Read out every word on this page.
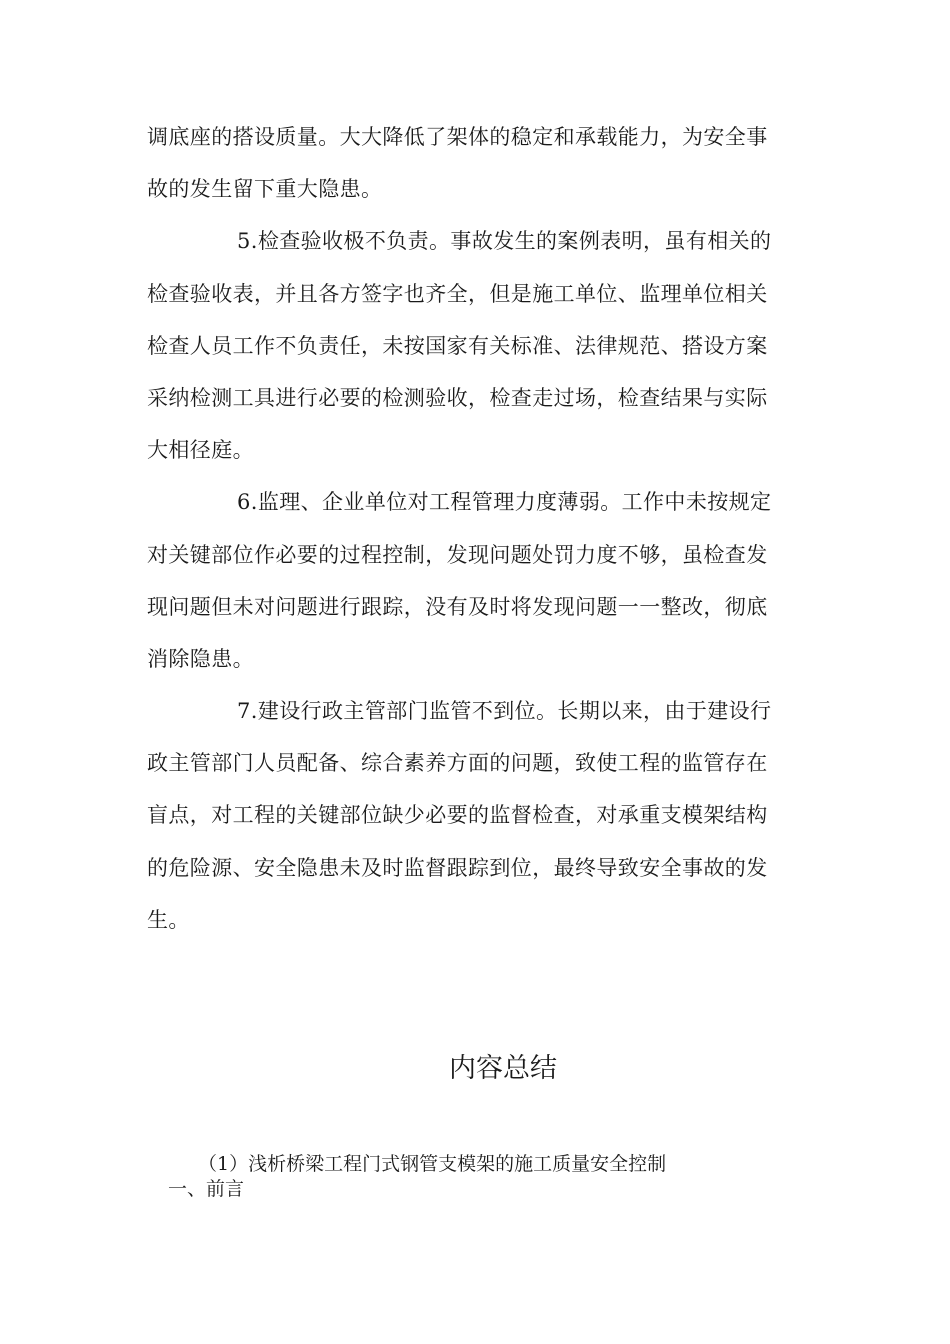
调底座的搭设质量。大大降低了架体的稳定和承载能力，为安全事
故的发生留下重大隐患。
5.检查验收极不负责。事故发生的案例表明，虽有相关的
检查验收表，并且各方签字也齐全，但是施工单位、监理单位相关
检查人员工作不负责任，未按国家有关标准、法律规范、搭设方案
采纳检测工具进行必要的检测验收，检查走过场，检查结果与实际
大相径庭。
6.监理、企业单位对工程管理力度薄弱。工作中未按规定
对关键部位作必要的过程控制，发现问题处罚力度不够，虽检查发
现问题但未对问题进行跟踪，没有及时将发现问题一一整改，彻底
消除隐患。
7.建设行政主管部门监管不到位。长期以来，由于建设行
政主管部门人员配备、综合素养方面的问题，致使工程的监管存在
盲点，对工程的关键部位缺少必要的监督检查，对承重支模架结构
的危险源、安全隐患未及时监督跟踪到位，最终导致安全事故的发
生。
内容总结
（1）浅析桥梁工程门式钢管支模架的施工质量安全控制
一、前言
